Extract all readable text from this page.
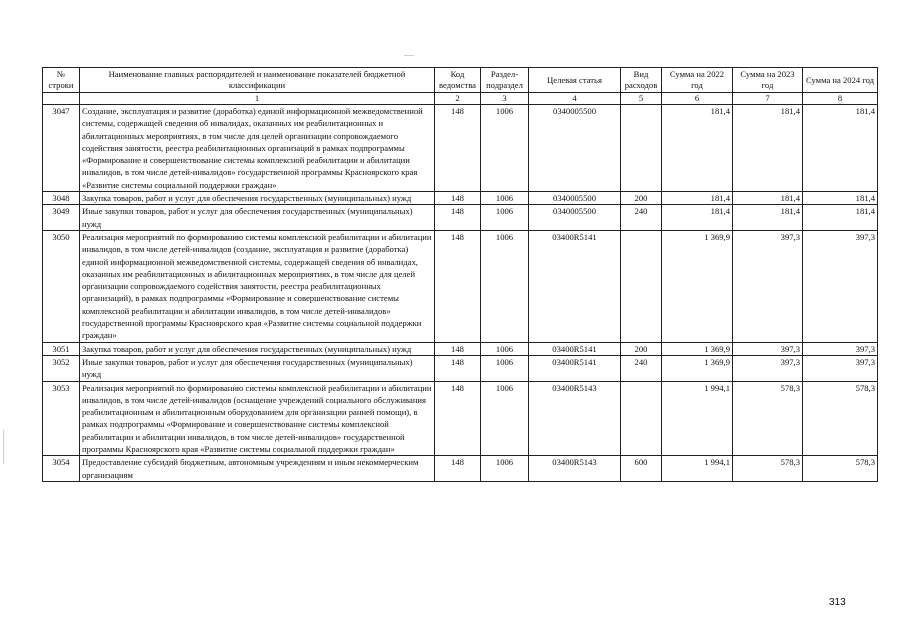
№ строки	Наименование главных распорядителей и наименование показателей бюджетной классификации	Код ведомства	Раздел-подраздел	Целевая статья	Вид расходов	Сумма на 2022 год	Сумма на 2023 год	Сумма на 2024 год
	1	2	3	4	5	6	7	8
3047	Создание, эксплуатация и развитие (доработка) единой информационной межведомственной системы, содержащей сведения об инвалидах, оказанных им реабилитационных и абилитационных мероприятиях, в том числе для целей организации сопровождаемого содействия занятости, реестра реабилитационных организаций в рамках подпрограммы «Формирование и совершенствование системы комплексной реабилитации и абилитации инвалидов, в том числе детей-инвалидов» государственной программы Красноярского края «Развитие системы социальной поддержки граждан»	148	1006	0340005500		181,4	181,4	181,4
3048	Закупка товаров, работ и услуг для обеспечения государственных (муниципальных) нужд	148	1006	0340005500	200	181,4	181,4	181,4
3049	Иные закупки товаров, работ и услуг для обеспечения государственных (муниципальных) нужд	148	1006	0340005500	240	181,4	181,4	181,4
3050	Реализация мероприятий по формированию системы комплексной реабилитации и абилитации инвалидов, в том числе детей-инвалидов (создание, эксплуатация и развитие (доработка) единой информационной межведомственной системы, содержащей сведения об инвалидах, оказанных им реабилитационных и абилитационных мероприятиях, в том числе для целей организации сопровождаемого содействия занятости, реестра реабилитационных организаций), в рамках подпрограммы «Формирование и совершенствование системы комплексной реабилитации и абилитации инвалидов, в том числе детей-инвалидов» государственной программы Красноярского края «Развитие системы социальной поддержки граждан»	148	1006	03400R5141		1 369,9	397,3	397,3
3051	Закупка товаров, работ и услуг для обеспечения государственных (муниципальных) нужд	148	1006	03400R5141	200	1 369,9	397,3	397,3
3052	Иные закупки товаров, работ и услуг для обеспечения государственных (муниципальных) нужд	148	1006	03400R5141	240	1 369,9	397,3	397,3
3053	Реализация мероприятий по формированию системы комплексной реабилитации и абилитации инвалидов, в том числе детей-инвалидов (оснащение учреждений социального обслуживания реабилитационным и абилитационным оборудованием для организации ранней помощи), в рамках подпрограммы «Формирование и совершенствование системы комплексной реабилитации и абилитации инвалидов, в том числе детей-инвалидов» государственной программы Красноярского края «Развитие системы социальной поддержки граждан»	148	1006	03400R5143		1 994,1	578,3	578,3
3054	Предоставление субсидий бюджетным, автономным учреждениям и иным некоммерческим организациям	148	1006	03400R5143	600	1 994,1	578,3	578,3
313
